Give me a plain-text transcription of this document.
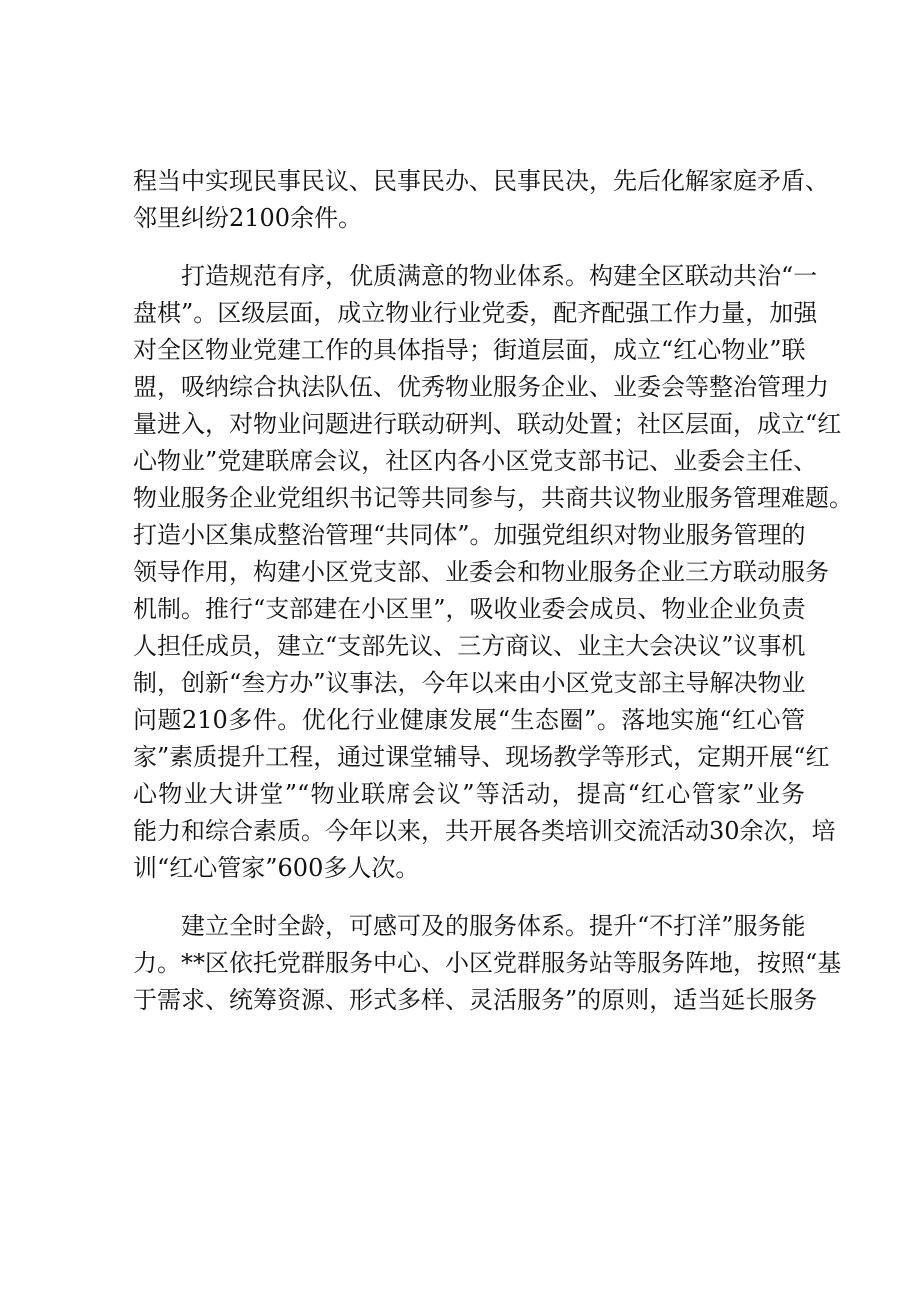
程当中实现民事民议、民事民办、民事民决，先后化解家庭矛盾、
邻里纠纷2100余件。
　　打造规范有序，优质满意的物业体系。构建全区联动共治“一
盘棋”。区级层面，成立物业行业党委，配齐配强工作力量，加强
对全区物业党建工作的具体指导；街道层面，成立“红心物业”联
盟，吸纳综合执法队伍、优秀物业服务企业、业委会等整治管理力
量进入，对物业问题进行联动研判、联动处置；社区层面，成立“红
心物业”党建联席会议，社区内各小区党支部书记、业委会主任、
物业服务企业党组织书记等共同参与，共商共议物业服务管理难题。
打造小区集成整治管理“共同体”。加强党组织对物业服务管理的
领导作用，构建小区党支部、业委会和物业服务企业三方联动服务
机制。推行“支部建在小区里”，吸收业委会成员、物业企业负责
人担任成员，建立“支部先议、三方商议、业主大会决议”议事机
制，创新“叁方办”议事法，今年以来由小区党支部主导解决物业
问题210多件。优化行业健康发展“生态圈”。落地实施“红心管
家”素质提升工程，通过课堂辅导、现场教学等形式，定期开展“红
心物业大讲堂”“物业联席会议”等活动，提高“红心管家”业务
能力和综合素质。今年以来，共开展各类培训交流活动30余次，培
训“红心管家”600多人次。
　　建立全时全龄，可感可及的服务体系。提升“不打洋”服务能
力。**区依托党群服务中心、小区党群服务站等服务阵地，按照“基
于需求、统筹资源、形式多样、灵活服务”的原则，适当延长服务
